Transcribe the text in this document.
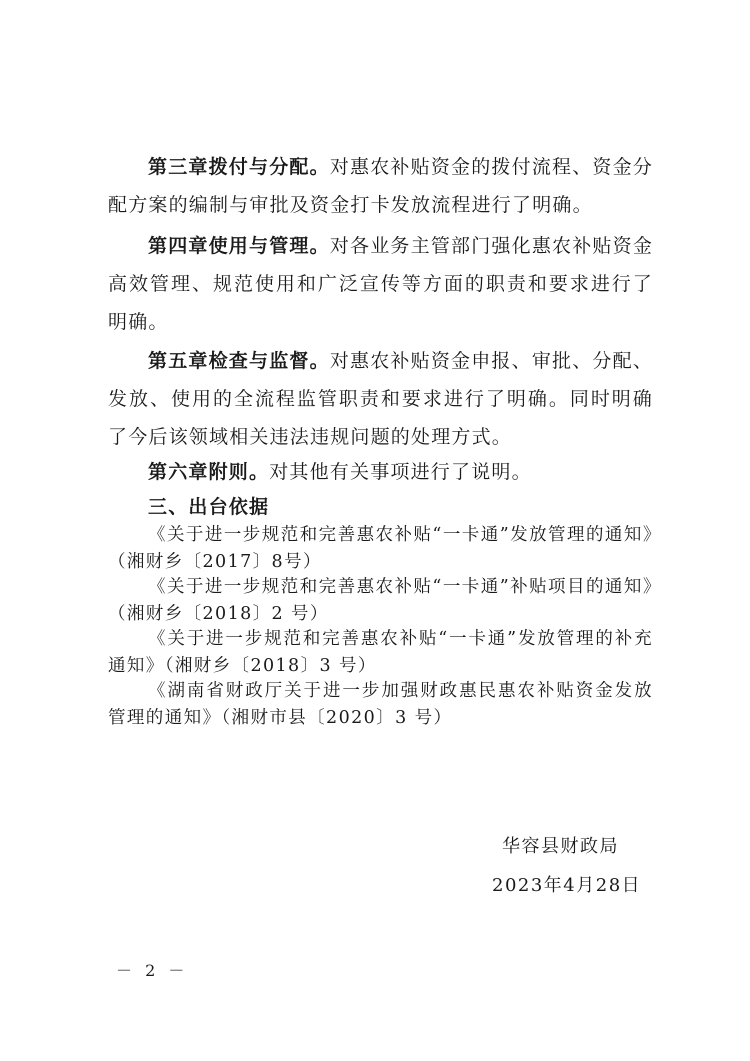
第三章拨付与分配。对惠农补贴资金的拨付流程、资金分配方案的编制与审批及资金打卡发放流程进行了明确。

第四章使用与管理。对各业务主管部门强化惠农补贴资金高效管理、规范使用和广泛宣传等方面的职责和要求进行了明确。

第五章检查与监督。对惠农补贴资金申报、审批、分配、发放、使用的全流程监管职责和要求进行了明确。同时明确了今后该领域相关违法违规问题的处理方式。

第六章附则。对其他有关事项进行了说明。

三、出台依据

《关于进一步规范和完善惠农补贴“一卡通”发放管理的通知》（湘财乡〔2017〕8号）

《关于进一步规范和完善惠农补贴“一卡通”补贴项目的通知》（湘财乡〔2018〕2 号）

《关于进一步规范和完善惠农补贴“一卡通”发放管理的补充通知》（湘财乡〔2018〕3 号）

《湖南省财政厅关于进一步加强财政惠民惠农补贴资金发放管理的通知》（湘财市县〔2020〕3 号）

华容县财政局
2023年4月28日
－ 2 －
